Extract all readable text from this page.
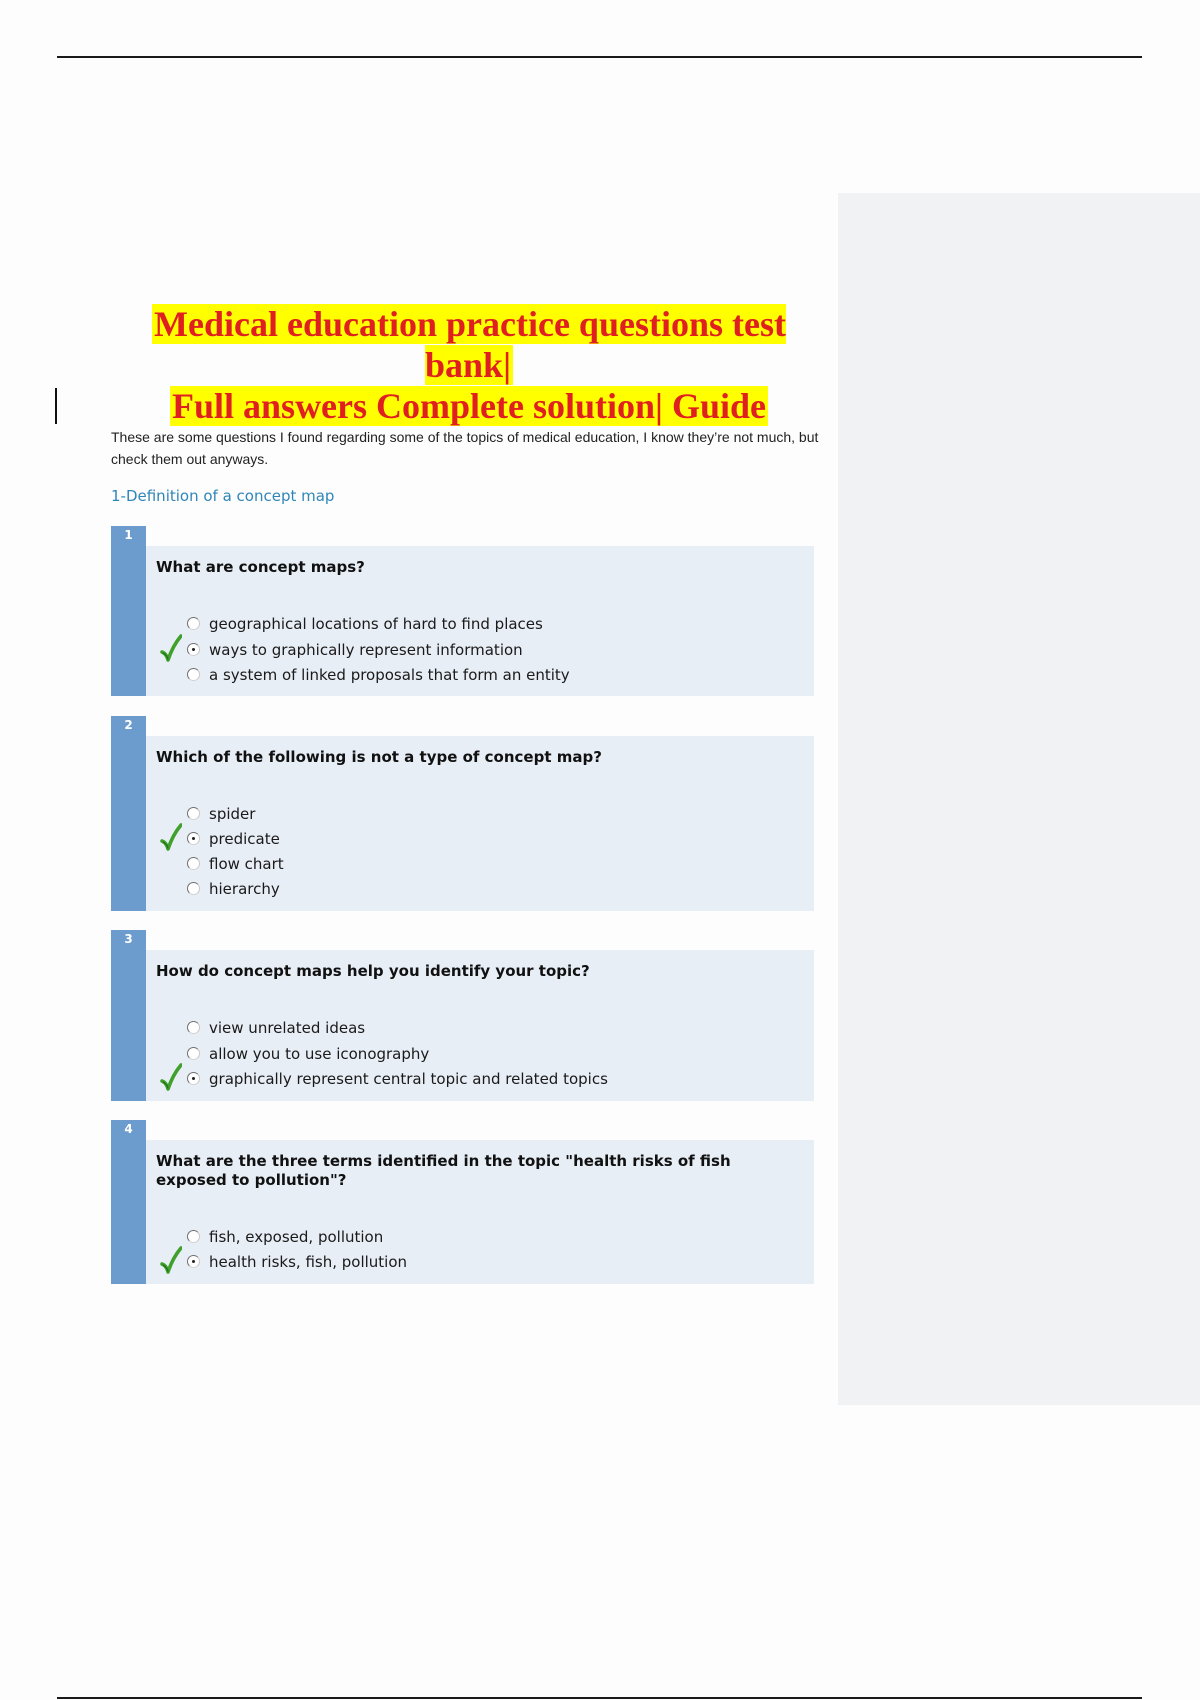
Medical education practice questions test bank|
Full answers Complete solution| Guide

These are some questions I found regarding some of the topics of medical education, I know they’re not much, but check them out anyways.

1-Definition of a concept map

1

What are concept maps?

geographical locations of hard to find places
ways to graphically represent information
a system of linked proposals that form an entity
2

Which of the following is not a type of concept map?

spider
predicate
flow chart
hierarchy
3

How do concept maps help you identify your topic?

view unrelated ideas
allow you to use iconography
graphically represent central topic and related topics
4

What are the three terms identified in the topic "health risks of fish exposed to pollution"?

fish, exposed, pollution
health risks, fish, pollution
